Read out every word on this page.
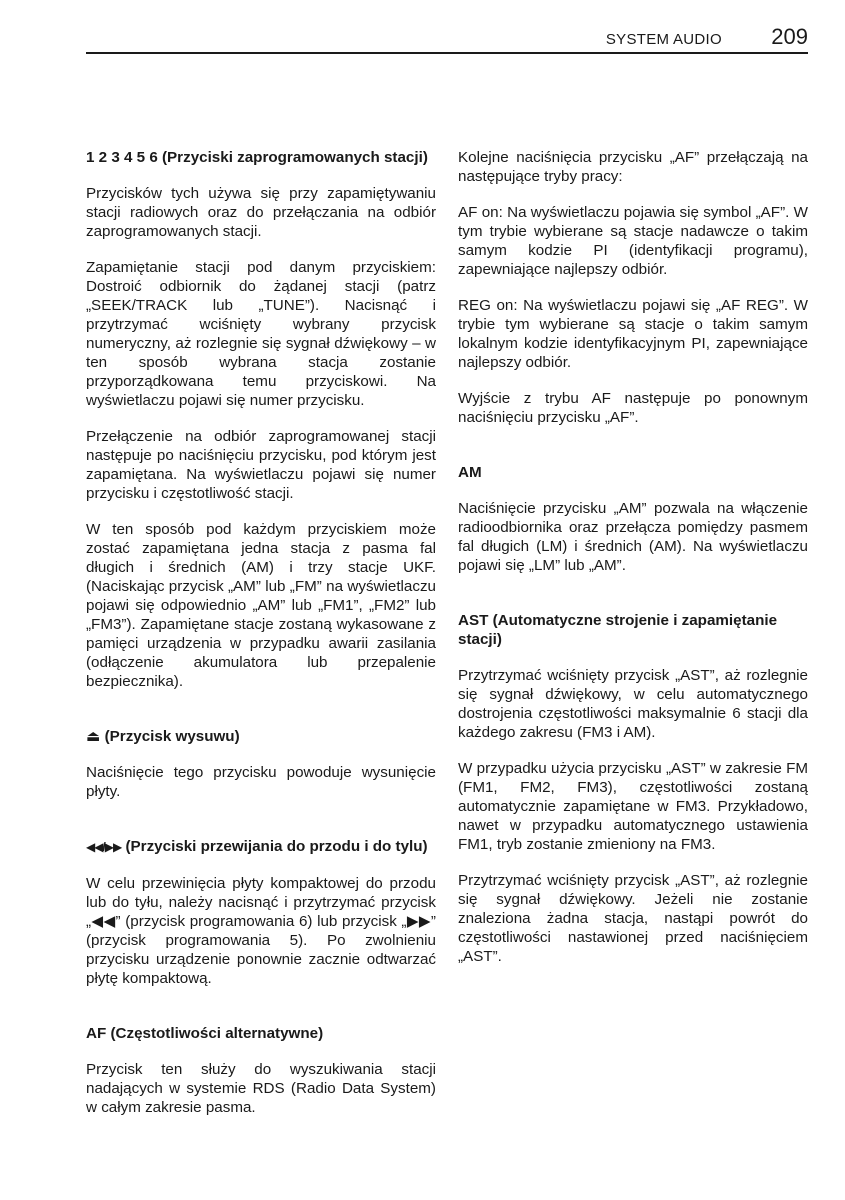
SYSTEM AUDIO 209
1 2 3 4 5 6 (Przyciski zaprogramowanych stacji)

Przycisków tych używa się przy zapamiętywaniu stacji radiowych oraz do przełączania na odbiór zaprogramowanych stacji.

Zapamiętanie stacji pod danym przyciskiem: Dostroić odbiornik do żądanej stacji (patrz „SEEK/TRACK lub „TUNE”). Nacisnąć i przytrzymać wciśnięty wybrany przycisk numeryczny, aż rozlegnie się sygnał dźwiękowy – w ten sposób wybrana stacja zostanie przyporządkowana temu przyciskowi. Na wyświetlaczu pojawi się numer przycisku.

Przełączenie na odbiór zaprogramowanej stacji następuje po naciśnięciu przycisku, pod którym jest zapamiętana. Na wyświetlaczu pojawi się numer przycisku i częstotliwość stacji.

W ten sposób pod każdym przyciskiem może zostać zapamiętana jedna stacja z pasma fal długich i średnich (AM) i trzy stacje UKF. (Naciskając przycisk „AM” lub „FM” na wyświetlaczu pojawi się odpowiednio „AM” lub „FM1”, „FM2” lub „FM3”). Zapamiętane stacje zostaną wykasowane z pamięci urządzenia w przypadku awarii zasilania (odłączenie akumulatora lub przepalenie bezpiecznika).

⏏ (Przycisk wysuwu)

Naciśnięcie tego przycisku powoduje wysunięcie płyty.

◀◀/▶▶ (Przyciski przewijania do przodu i do tylu)

W celu przewinięcia płyty kompaktowej do przodu lub do tyłu, należy nacisnąć i przytrzymać przycisk „◀◀” (przycisk programowania 6) lub przycisk „▶▶” (przycisk programowania 5). Po zwolnieniu przycisku urządzenie ponownie zacznie odtwarzać płytę kompaktową.

AF (Częstotliwości alternatywne)

Przycisk ten służy do wyszukiwania stacji nadających w systemie RDS (Radio Data System) w całym zakresie pasma.

Kolejne naciśnięcia przycisku „AF” przełączają na następujące tryby pracy:

AF on: Na wyświetlaczu pojawia się symbol „AF”. W tym trybie wybierane są stacje nadawcze o takim samym kodzie PI (identyfikacji programu), zapewniające najlepszy odbiór.

REG on: Na wyświetlaczu pojawi się „AF REG”. W trybie tym wybierane są stacje o takim samym lokalnym kodzie identyfikacyjnym PI, zapewniające najlepszy odbiór.

Wyjście z trybu AF następuje po ponownym naciśnięciu przycisku „AF”.

AM

Naciśnięcie przycisku „AM” pozwala na włączenie radioodbiornika oraz przełącza pomiędzy pasmem fal długich (LM) i średnich (AM). Na wyświetlaczu pojawi się „LM” lub „AM”.

AST (Automatyczne strojenie i zapamiętanie stacji)

Przytrzymać wciśnięty przycisk „AST”, aż rozlegnie się sygnał dźwiękowy, w celu automatycznego dostrojenia częstotliwości maksymalnie 6 stacji dla każdego zakresu (FM3 i AM).

W przypadku użycia przycisku „AST” w zakresie FM (FM1, FM2, FM3), częstotliwości zostaną automatycznie zapamiętane w FM3. Przykładowo, nawet w przypadku automatycznego ustawienia FM1, tryb zostanie zmieniony na FM3.

Przytrzymać wciśnięty przycisk „AST”, aż rozlegnie się sygnał dźwiękowy. Jeżeli nie zostanie znaleziona żadna stacja, nastąpi powrót do częstotliwości nastawionej przed naciśnięciem „AST”.
